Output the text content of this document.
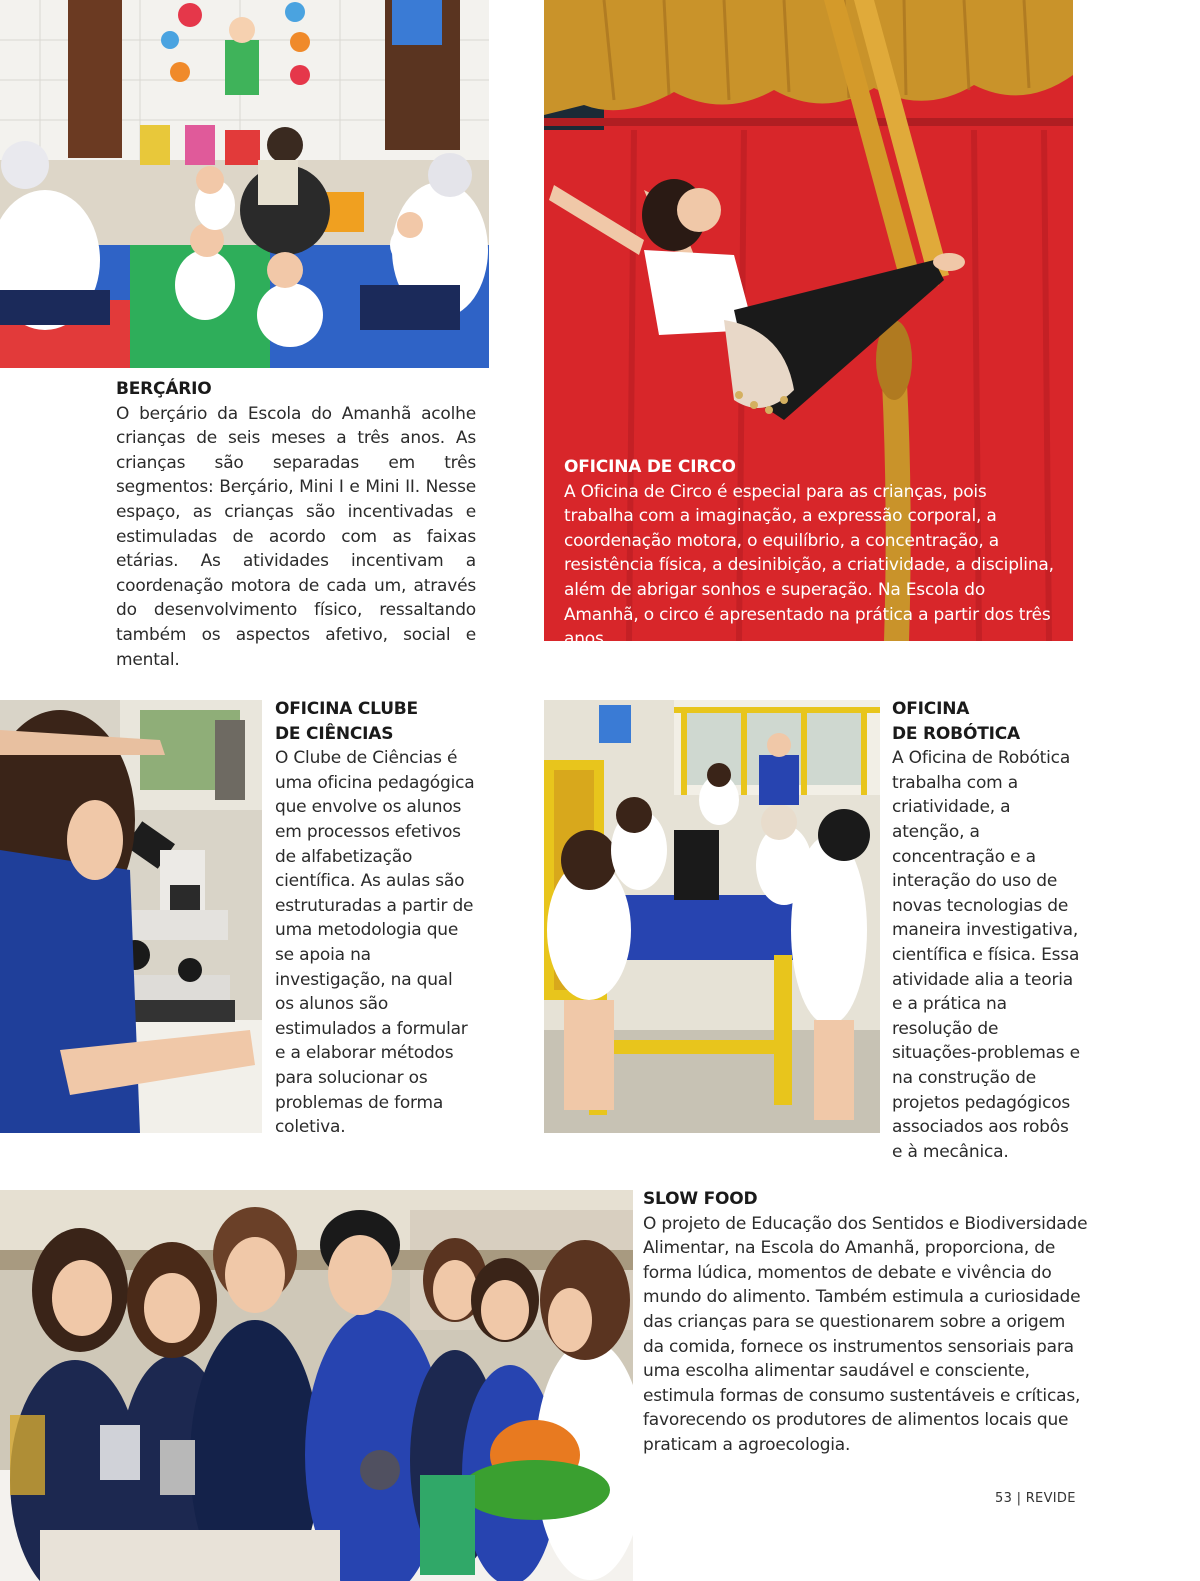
BERÇÁRIO
O berçário da Escola do Amanhã acolhe crianças de seis meses a três anos. As crianças são separadas em três segmentos: Berçário, Mini I e Mini II. Nesse espaço, as crianças são incentivadas e estimuladas de acordo com as faixas etárias. As atividades incentivam a coordenação motora de cada um, através do desenvolvimento físico, ressaltando também os aspectos afetivo, social e mental.
OFICINA DE CIRCO
A Oficina de Circo é especial para as crianças, pois trabalha com a imaginação, a expressão corporal, a coordenação motora, o equilíbrio, a concentração, a resistência física, a desinibição, a criatividade, a disciplina, além de abrigar sonhos e superação. Na Escola do Amanhã, o circo é apresentado na prática a partir dos três anos.
OFICINA CLUBE
DE CIÊNCIAS
O Clube de Ciências é uma oficina pedagógica que envolve os alunos em processos efetivos de alfabetização científica. As aulas são estruturadas a partir de uma metodologia que se apoia na investigação, na qual os alunos são estimulados a formular e a elaborar métodos para solucionar os problemas de forma coletiva.
OFICINA
DE ROBÓTICA
A Oficina de Robótica trabalha com a criatividade, a atenção, a concentração e a interação do uso de novas tecnologias de maneira investigativa, científica e física. Essa atividade alia a teoria e a prática na resolução de situações-problemas e na construção de projetos pedagógicos associados aos robôs e à mecânica.
SLOW FOOD
O projeto de Educação dos Sentidos e Biodiversidade Alimentar, na Escola do Amanhã, proporciona, de forma lúdica, momentos de debate e vivência do mundo do alimento. Também estimula a curiosidade das crianças para se questionarem sobre a origem da comida, fornece os instrumentos sensoriais para uma escolha alimentar saudável e consciente, estimula formas de consumo sustentáveis e críticas, favorecendo os produtores de alimentos locais que praticam a agroecologia.
53 | REVIDE
